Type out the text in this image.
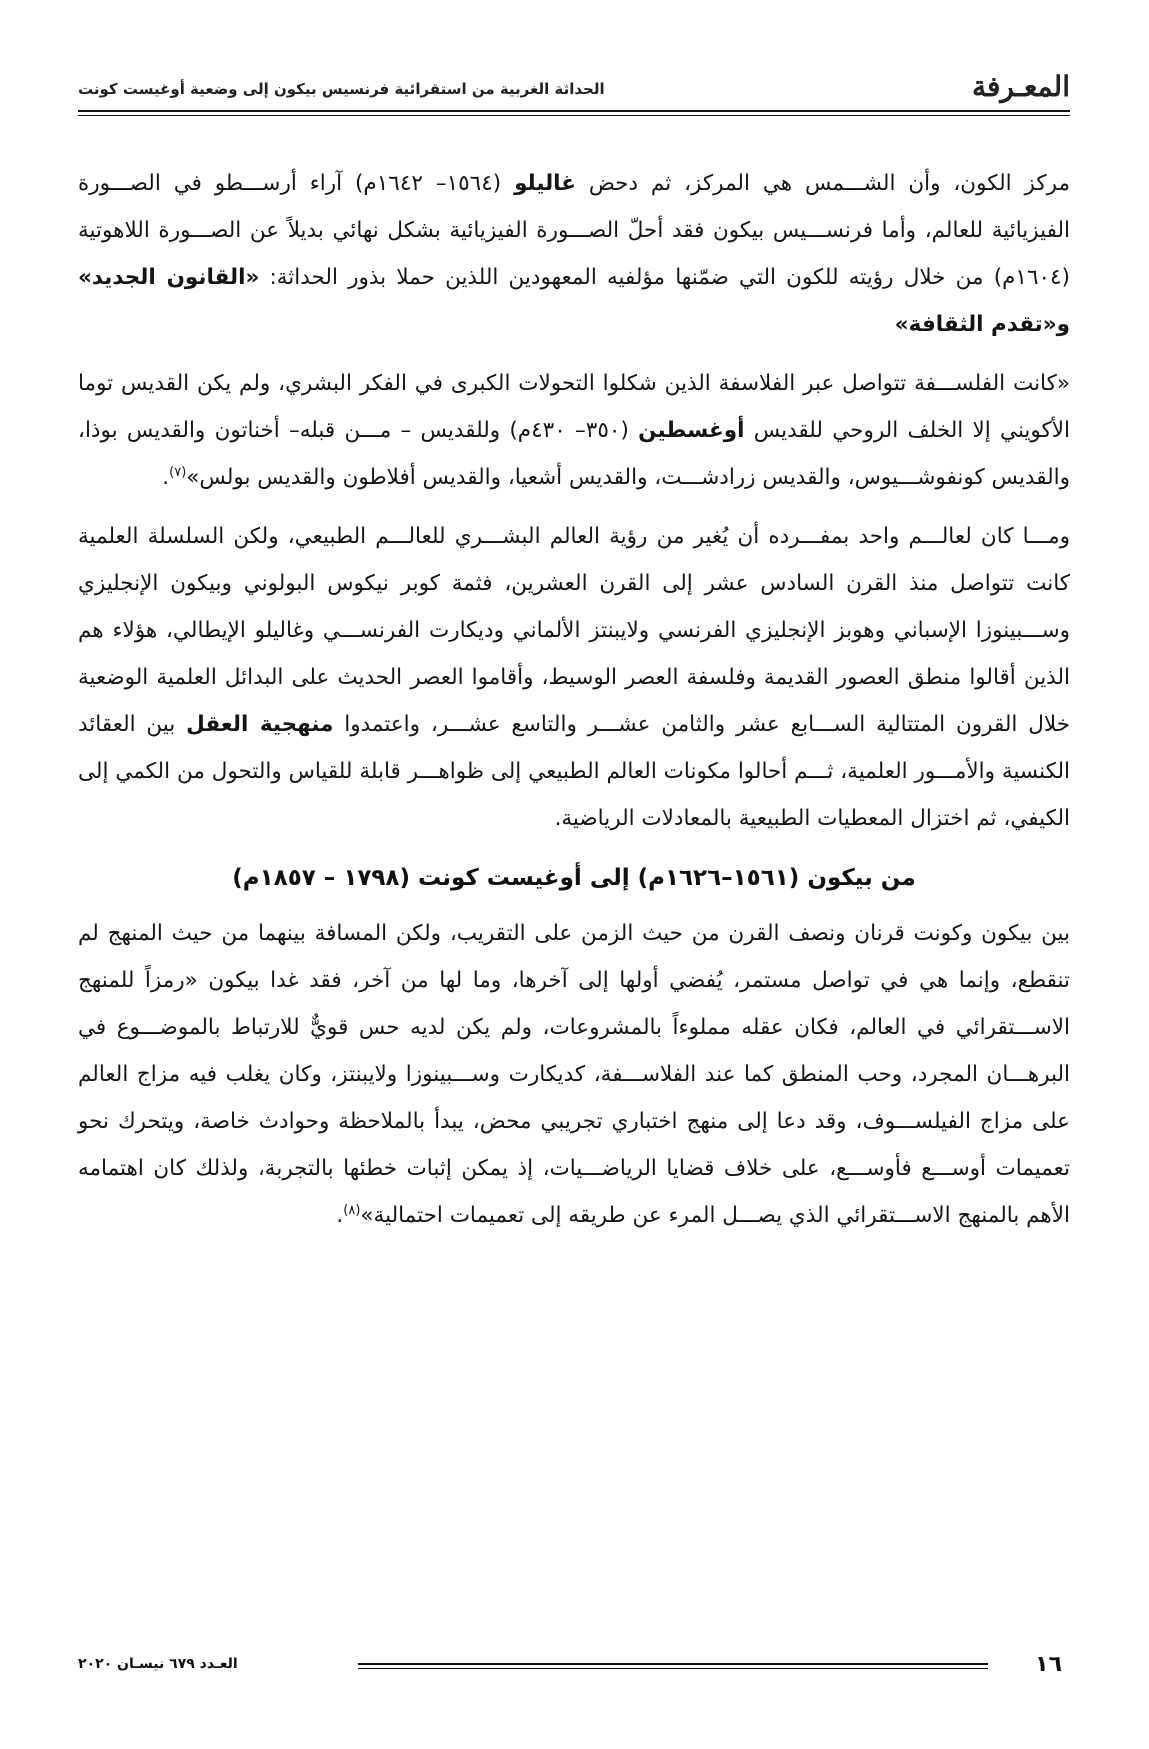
المعـرفة
الحداثة الغربية من استقرائية فرنسيس بيكون إلى وضعية أوغيست كونت

مركز الكون، وأن الشـــمس هي المركز، ثم دحض غاليلو (١٥٦٤– ١٦٤٢م) آراء أرســـطو في الصـــورة الفيزيائية للعالم، وأما فرنســـيس بيكون فقد أحلّ الصـــورة الفيزيائية بشكل نهائي بديلاً عن الصـــورة اللاهوتية (١٦٠٤م) من خلال رؤيته للكون التي ضمّنها مؤلفيه المعهودين اللذين حملا بذور الحداثة: «القانون الجديد» و«تقدم الثقافة»

«كانت الفلســـفة تتواصل عبر الفلاسفة الذين شكلوا التحولات الكبرى في الفكر البشري، ولم يكن القديس توما الأكويني إلا الخلف الروحي للقديس أوغسطين (٣٥٠– ٤٣٠م) وللقديس – مـــن قبله– أخناتون والقديس بوذا، والقديس كونفوشـــيوس، والقديس زرادشـــت، والقديس أشعيا، والقديس أفلاطون والقديس بولس»$^{(٧)}$.

ومـــا كان لعالـــم واحد بمفـــرده أن يُغير من رؤية العالم البشـــري للعالـــم الطبيعي، ولكن السلسلة العلمية كانت تتواصل منذ القرن السادس عشر إلى القرن العشرين، فثمة كوبر نيكوس البولوني وبيكون الإنجليزي وســـبينوزا الإسباني وهوبز الإنجليزي الفرنسي ولايبنتز الألماني وديكارت الفرنســـي وغاليلو الإيطالي، هؤلاء هم الذين أقالوا منطق العصور القديمة وفلسفة العصر الوسيط، وأقاموا العصر الحديث على البدائل العلمية الوضعية خلال القرون المتتالية الســـابع عشر والثامن عشـــر والتاسع عشـــر، واعتمدوا منهجية العقل بين العقائد الكنسية والأمـــور العلمية، ثـــم أحالوا مكونات العالم الطبيعي إلى ظواهـــر قابلة للقياس والتحول من الكمي إلى الكيفي، ثم اختزال المعطيات الطبيعية بالمعادلات الرياضية.

من بيكون (١٥٦١–١٦٢٦م) إلى أوغيست كونت (١٧٩٨ – ١٨٥٧م)

بين بيكون وكونت قرنان ونصف القرن من حيث الزمن على التقريب، ولكن المسافة بينهما من حيث المنهج لم تنقطع، وإنما هي في تواصل مستمر، يُفضي أولها إلى آخرها، وما لها من آخر، فقد غدا بيكون «رمزاً للمنهج الاســـتقرائي في العالم، فكان عقله مملوءاً بالمشروعات، ولم يكن لديه حس قويٌّ للارتباط بالموضـــوع في البرهـــان المجرد، وحب المنطق كما عند الفلاســـفة، كديكارت وســـبينوزا ولايبنتز، وكان يغلب فيه مزاج العالم على مزاج الفيلســـوف، وقد دعا إلى منهج اختباري تجريبي محض، يبدأ بالملاحظة وحوادث خاصة، ويتحرك نحو تعميمات أوســـع فأوســـع، على خلاف قضايا الرياضـــيات، إذ يمكن إثبات خطئها بالتجربة، ولذلك كان اهتمامه الأهم بالمنهج الاســـتقرائي الذي يصـــل المرء عن طريقه إلى تعميمات احتمالية»$^{(٨)}$.

١٦
العـدد ٦٧٩ نيسـان ٢٠٢٠
